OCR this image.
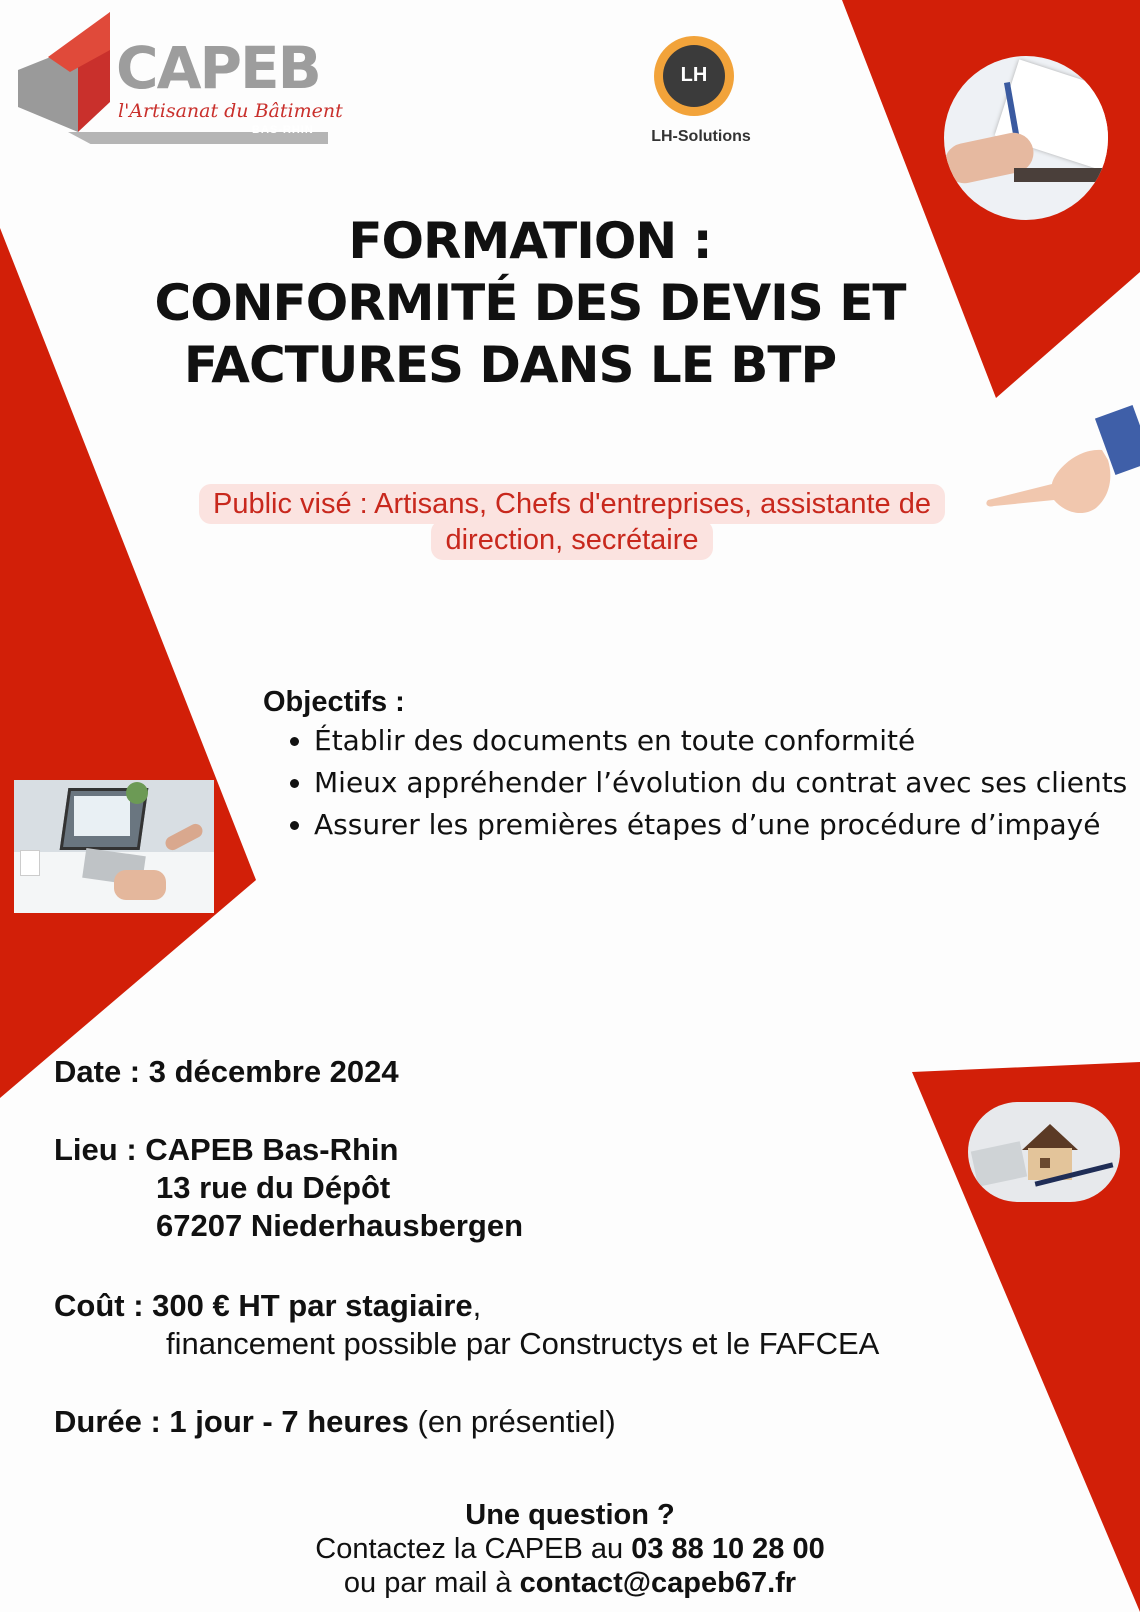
CAPEB
l'Artisanat du Bâtiment
BAS-RHIN
LH
LH-Solutions
FORMATION :
CONFORMITÉ DES DEVIS ET
FACTURES DANS LE BTP
Public visé : Artisans, Chefs d'entreprises, assistante de direction, secrétaire
Objectifs :
• Établir des documents en toute conformité
• Mieux appréhender l’évolution du contrat avec ses clients
• Assurer les premières étapes d’une procédure d’impayé
Date : 3 décembre 2024
Lieu : CAPEB Bas-Rhin
13 rue du Dépôt
67207 Niederhausbergen
Coût : 300 € HT par stagiaire,
financement possible par Constructys et le FAFCEA
Durée : 1 jour - 7 heures (en présentiel)
Une question ?
Contactez la CAPEB au 03 88 10 28 00
ou par mail à contact@capeb67.fr
